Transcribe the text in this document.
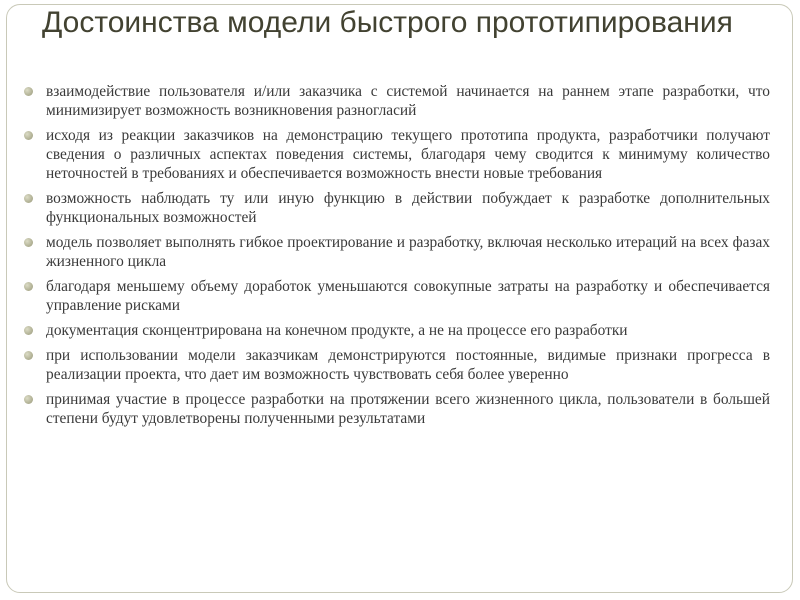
Достоинства модели быстрого прототипирования
взаимодействие пользователя и/или заказчика с системой начинается на раннем этапе разработки, что минимизирует возможность возникновения разногласий
исходя из реакции заказчиков на демонстрацию текущего прототипа продукта, разработчики получают сведения о различных аспектах поведения системы, благодаря чему сводится к минимуму количество неточностей в требованиях и обеспечивается возможность внести новые требования
возможность наблюдать ту или иную функцию в действии побуждает к разработке дополнительных функциональных возможностей
модель позволяет выполнять гибкое проектирование и разработку, включая несколько итераций на всех фазах жизненного цикла
благодаря меньшему объему доработок уменьшаются совокупные затраты на разработку и обеспечивается управление рисками
документация сконцентрирована на конечном продукте, а не на процессе его разработки
при использовании модели заказчикам демонстрируются постоянные, видимые признаки прогресса в реализации проекта, что дает им возможность чувствовать себя более уверенно
принимая участие в процессе разработки на протяжении всего жизненного цикла, пользователи в большей степени будут удовлетворены полученными результатами
